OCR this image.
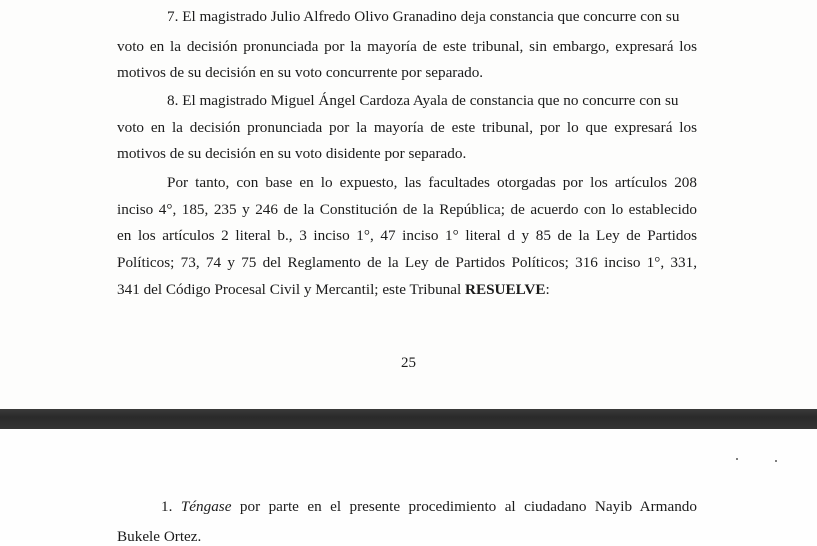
7. El magistrado Julio Alfredo Olivo Granadino deja constancia que concurre con su
voto en la decisión pronunciada por la mayoría de este tribunal, sin embargo, expresará los
motivos de su decisión en su voto concurrente por separado.
8. El magistrado Miguel Ángel Cardoza Ayala de constancia que no concurre con su
voto en la decisión pronunciada por la mayoría de este tribunal, por lo que expresará los
motivos de su decisión en su voto disidente por separado.
Por tanto, con base en lo expuesto, las facultades otorgadas por los artículos 208
inciso 4°, 185, 235 y 246 de la Constitución de la República; de acuerdo con lo establecido
en los artículos 2 literal b., 3 inciso 1°, 47 inciso 1° literal d y 85 de la Ley de Partidos
Políticos; 73, 74 y 75 del Reglamento de la Ley de Partidos Políticos; 316 inciso 1°, 331,
341 del Código Procesal Civil y Mercantil; este Tribunal RESUELVE:
25
1. Téngase por parte en el presente procedimiento al ciudadano Nayib Armando
Bukele Ortez.
